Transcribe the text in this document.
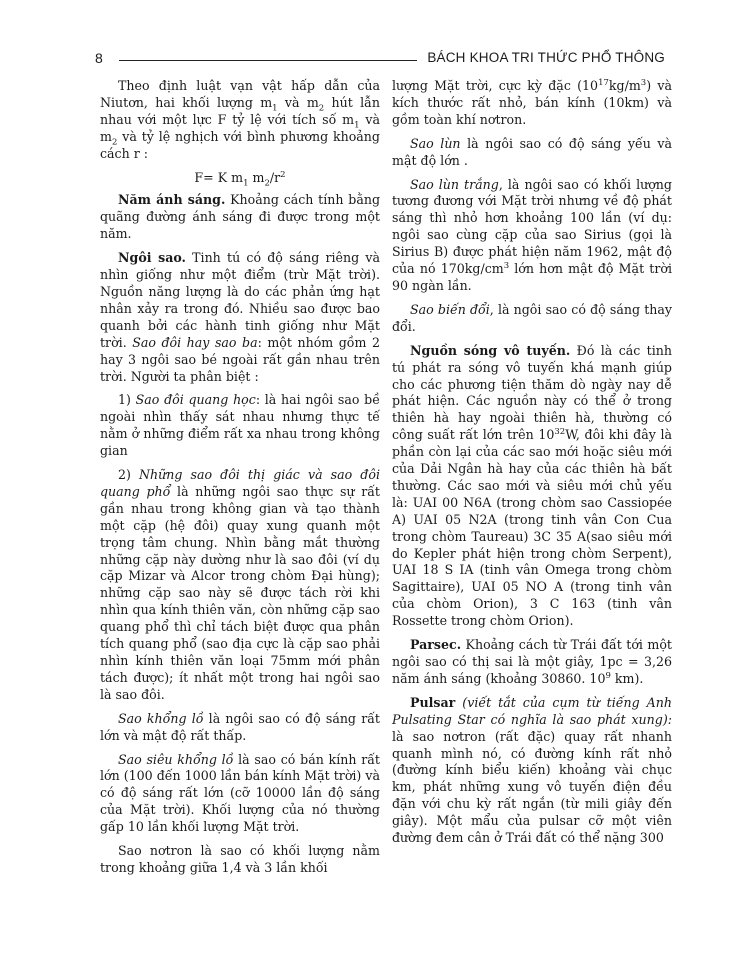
8	BÁCH KHOA TRI THỨC PHỔ THÔNG

Theo định luật vạn vật hấp dẫn của Niutơn, hai khối lượng $m_1$ và $m_2$ hút lẫn nhau với một lực F tỷ lệ với tích số $m_1$ và $m_2$ và tỷ lệ nghịch với bình phương khoảng cách r :

F= K $m_1$ $m_2/r^2$

Năm ánh sáng. Khoảng cách tính bằng quãng đường ánh sáng đi được trong một năm.

Ngôi sao. Tinh tú có độ sáng riêng và nhìn giống như một điểm (trừ Mặt trời). Nguồn năng lượng là do các phản ứng hạt nhân xảy ra trong đó. Nhiều sao được bao quanh bởi các hành tinh giống như Mặt trời. Sao đôi hay sao ba: một nhóm gồm 2 hay 3 ngôi sao bé ngoài rất gần nhau trên trời. Người ta phân biệt :

1) Sao đôi quang học: là hai ngôi sao bề ngoài nhìn thấy sát nhau nhưng thực tế nằm ở những điểm rất xa nhau trong không gian

2) Những sao đôi thị giác và sao đôi quang phổ là những ngôi sao thực sự rất gần nhau trong không gian và tạo thành một cặp (hệ đôi) quay xung quanh một trọng tâm chung. Nhìn bằng mắt thường những cặp này dường như là sao đôi (ví dụ cặp Mizar và Alcor trong chòm Đại hùng); những cặp sao này sẽ được tách rời khi nhìn qua kính thiên văn, còn những cặp sao quang phổ thì chỉ tách biệt được qua phân tích quang phổ (sao địa cực là cặp sao phải nhìn kính thiên văn loại 75mm mới phân tách được); ít nhất một trong hai ngôi sao là sao đôi.

Sao khổng lồ là ngôi sao có độ sáng rất lớn và mật độ rất thấp.

Sao siêu khổng lồ là sao có bán kính rất lớn (100 đến 1000 lần bán kính Mặt trời) và có độ sáng rất lớn (cỡ 10000 lần độ sáng của Mặt trời). Khối lượng của nó thường gấp 10 lần khối lượng Mặt trời.

Sao nơtron là sao có khối lượng nằm trong khoảng giữa 1,4 và 3 lần khối

lượng Mặt trời, cực kỳ đặc $(10^{17}kg/m^3)$ và kích thước rất nhỏ, bán kính (10km) và gồm toàn khí nơtron.

Sao lùn là ngôi sao có độ sáng yếu và mật độ lớn .

Sao lùn trắng, là ngôi sao có khối lượng tương đương với Mặt trời nhưng về độ phát sáng thì nhỏ hơn khoảng 100 lần (ví dụ: ngôi sao cùng cặp của sao Sirius (gọi là Sirius B) được phát hiện năm 1962, mật độ của nó $170kg/cm^3$ lớn hơn mật độ Mặt trời 90 ngàn lần.

Sao biến đổi, là ngôi sao có độ sáng thay đổi.

Nguồn sóng vô tuyến. Đó là các tinh tú phát ra sóng vô tuyến khá mạnh giúp cho các phương tiện thăm dò ngày nay dễ phát hiện. Các nguồn này có thể ở trong thiên hà hay ngoài thiên hà, thường có công suất rất lớn trên $10^{32}W$, đôi khi đây là phần còn lại của các sao mới hoặc siêu mới của Dải Ngân hà hay của các thiên hà bất thường. Các sao mới và siêu mới chủ yếu là: UAI 00 N6A (trong chòm sao Cassiopée A) UAI 05 N2A (trong tinh vân Con Cua trong chòm Taureau) 3C 35 A(sao siêu mới do Kepler phát hiện trong chòm Serpent), UAI 18 S IA (tinh vân Omega trong chòm Sagittaire), UAI 05 NO A (trong tinh vân của chòm Orion), 3 C 163 (tinh vân Rossette trong chòm Orion).

Parsec. Khoảng cách từ Trái đất tới một ngôi sao có thị sai là một giây, 1pc = 3,26 năm ánh sáng (khoảng 30860. $10^9$ km).

Pulsar (viết tắt của cụm từ tiếng Anh Pulsating Star có nghĩa là sao phát xung): là sao nơtron (rất đặc) quay rất nhanh quanh mình nó, có đường kính rất nhỏ (đường kính biểu kiến) khoảng vài chục km, phát những xung vô tuyến điện đều đặn với chu kỳ rất ngắn (từ mili giây đến giây). Một mẩu của pulsar cỡ một viên đường đem cân ở Trái đất có thể nặng 300
